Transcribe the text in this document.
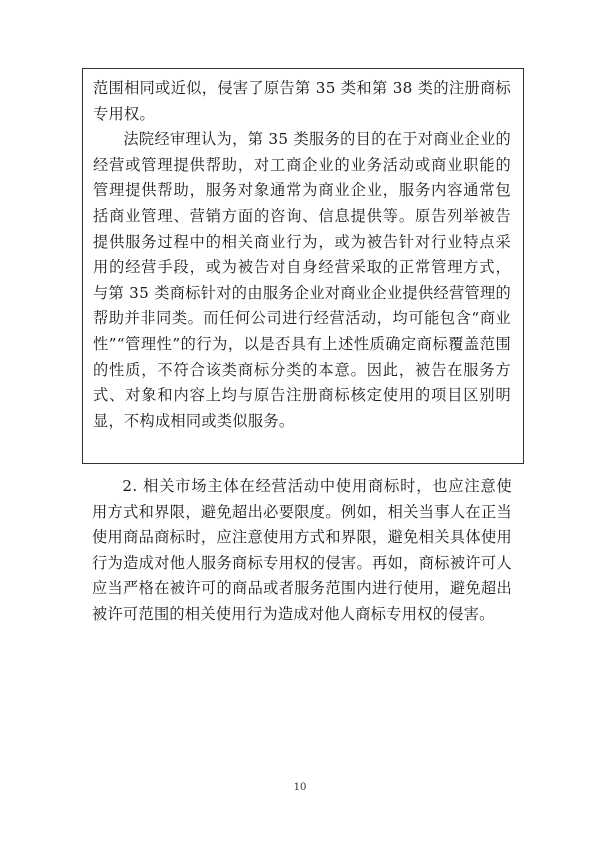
范围相同或近似，侵害了原告第 35 类和第 38 类的注册商标专用权。

法院经审理认为，第 35 类服务的目的在于对商业企业的经营或管理提供帮助，对工商企业的业务活动或商业职能的管理提供帮助，服务对象通常为商业企业，服务内容通常包括商业管理、营销方面的咨询、信息提供等。原告列举被告提供服务过程中的相关商业行为，或为被告针对行业特点采用的经营手段，或为被告对自身经营采取的正常管理方式，与第 35 类商标针对的由服务企业对商业企业提供经营管理的帮助并非同类。而任何公司进行经营活动，均可能包含“商业性”“管理性”的行为，以是否具有上述性质确定商标覆盖范围的性质，不符合该类商标分类的本意。因此，被告在服务方式、对象和内容上均与原告注册商标核定使用的项目区别明显，不构成相同或类似服务。

2. 相关市场主体在经营活动中使用商标时，也应注意使用方式和界限，避免超出必要限度。例如，相关当事人在正当使用商品商标时，应注意使用方式和界限，避免相关具体使用行为造成对他人服务商标专用权的侵害。再如，商标被许可人应当严格在被许可的商品或者服务范围内进行使用，避免超出被许可范围的相关使用行为造成对他人商标专用权的侵害。

10
